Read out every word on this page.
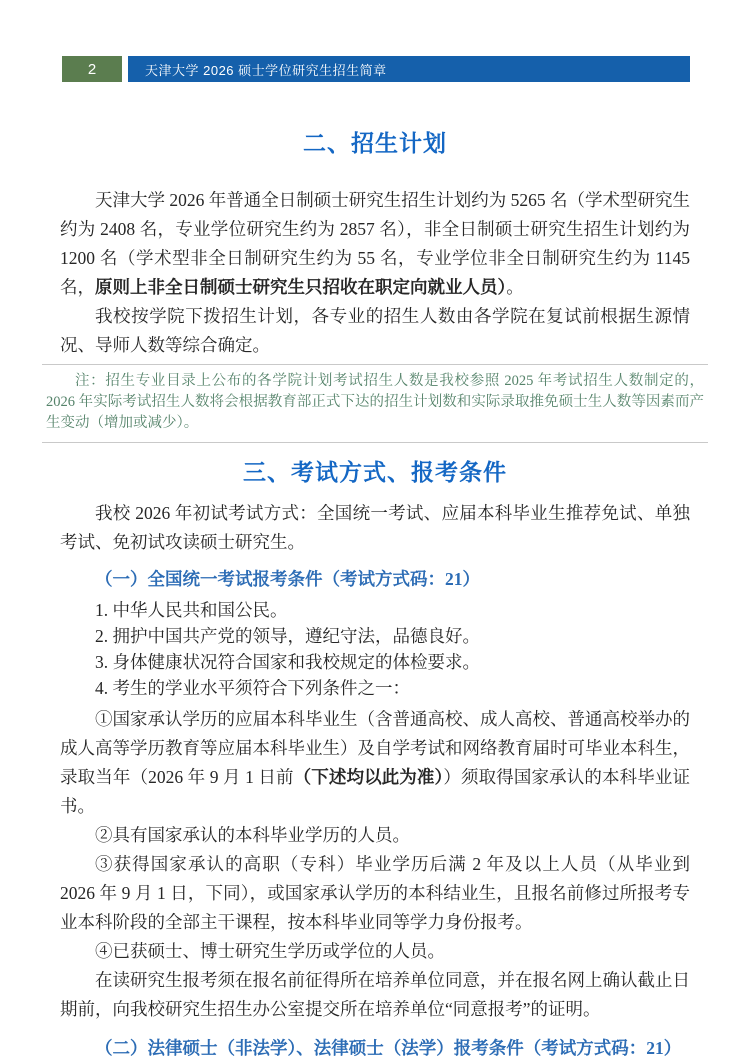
2	天津大学 2026 硕士学位研究生招生简章
二、招生计划

天津大学 2026 年普通全日制硕士研究生招生计划约为 5265 名（学术型研究生约为 2408 名，专业学位研究生约为 2857 名），非全日制硕士研究生招生计划约为 1200 名（学术型非全日制研究生约为 55 名，专业学位非全日制研究生约为 1145 名，原则上非全日制硕士研究生只招收在职定向就业人员）。

我校按学院下拨招生计划，各专业的招生人数由各学院在复试前根据生源情况、导师人数等综合确定。

注：招生专业目录上公布的各学院计划考试招生人数是我校参照 2025 年考试招生人数制定的，2026 年实际考试招生人数将会根据教育部正式下达的招生计划数和实际录取推免硕士生人数等因素而产生变动（增加或减少）。
三、考试方式、报考条件

我校 2026 年初试考试方式：全国统一考试、应届本科毕业生推荐免试、单独考试、免初试攻读硕士研究生。

（一）全国统一考试报考条件（考试方式码：21）

1. 中华人民共和国公民。

2. 拥护中国共产党的领导，遵纪守法，品德良好。

3. 身体健康状况符合国家和我校规定的体检要求。

4. 考生的学业水平须符合下列条件之一：

①国家承认学历的应届本科毕业生（含普通高校、成人高校、普通高校举办的成人高等学历教育等应届本科毕业生）及自学考试和网络教育届时可毕业本科生，录取当年（2026 年 9 月 1 日前（下述均以此为准））须取得国家承认的本科毕业证书。

②具有国家承认的本科毕业学历的人员。

③获得国家承认的高职（专科）毕业学历后满 2 年及以上人员（从毕业到 2026 年 9 月 1 日，下同），或国家承认学历的本科结业生，且报名前修过所报考专业本科阶段的全部主干课程，按本科毕业同等学力身份报考。

④已获硕士、博士研究生学历或学位的人员。

在读研究生报考须在报名前征得所在培养单位同意，并在报名网上确认截止日期前，向我校研究生招生办公室提交所在培养单位“同意报考”的证明。

（二）法律硕士（非法学）、法律硕士（法学）报考条件（考试方式码：21）
